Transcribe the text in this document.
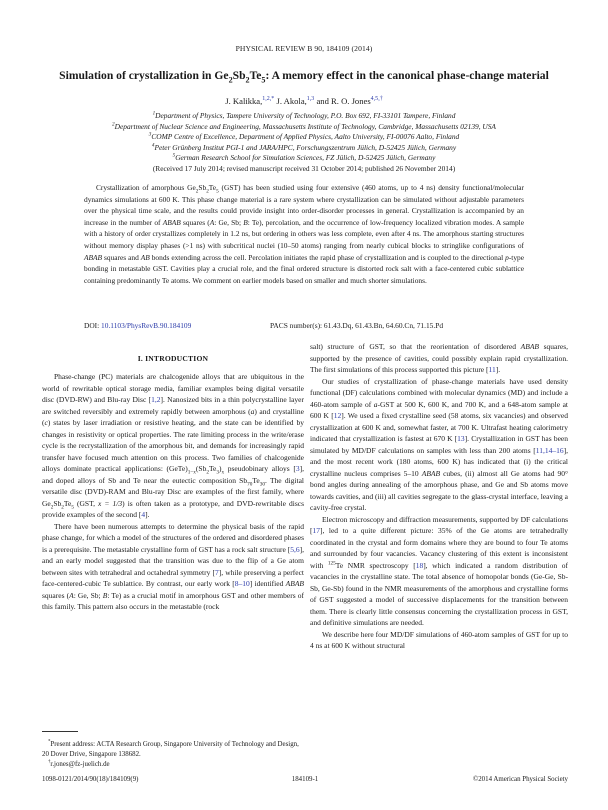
PHYSICAL REVIEW B 90, 184109 (2014)
Simulation of crystallization in $Ge_2Sb_2Te_5$: A memory effect in the canonical phase-change material
J. Kalikka,$^{1,2,*}$ J. Akola,$^{1,3}$ and R. O. Jones$^{4,5,\dagger}$
$^1$Department of Physics, Tampere University of Technology, P.O. Box 692, FI-33101 Tampere, Finland
$^2$Department of Nuclear Science and Engineering, Massachusetts Institute of Technology, Cambridge, Massachusetts 02139, USA
$^3$COMP Centre of Excellence, Department of Applied Physics, Aalto University, FI-00076 Aalto, Finland
$^4$Peter Grünberg Institut PGI-1 and JARA/HPC, Forschungszentrum Jülich, D-52425 Jülich, Germany
$^5$German Research School for Simulation Sciences, FZ Jülich, D-52425 Jülich, Germany
(Received 17 July 2014; revised manuscript received 31 October 2014; published 26 November 2014)
Crystallization of amorphous $Ge_2Sb_2Te_5$ (GST) has been studied using four extensive (460 atoms, up to 4 ns) density functional/molecular dynamics simulations at 600 K. This phase change material is a rare system where crystallization can be simulated without adjustable parameters over the physical time scale, and the results could provide insight into order-disorder processes in general. Crystallization is accompanied by an increase in the number of ABAB squares (A: Ge, Sb; B: Te), percolation, and the occurrence of low-frequency localized vibration modes. A sample with a history of order crystallizes completely in 1.2 ns, but ordering in others was less complete, even after 4 ns. The amorphous starting structures without memory display phases (>1 ns) with subcritical nuclei (10–50 atoms) ranging from nearly cubical blocks to stringlike configurations of ABAB squares and AB bonds extending across the cell. Percolation initiates the rapid phase of crystallization and is coupled to the directional p-type bonding in metastable GST. Cavities play a crucial role, and the final ordered structure is distorted rock salt with a face-centered cubic sublattice containing predominantly Te atoms. We comment on earlier models based on smaller and much shorter simulations.
DOI: 10.1103/PhysRevB.90.184109	PACS number(s): 61.43.Dq, 61.43.Bn, 64.60.Cn, 71.15.Pd
I. INTRODUCTION

Phase-change (PC) materials are chalcogenide alloys that are ubiquitous in the world of rewritable optical storage media, familiar examples being digital versatile disc (DVD-RW) and Blu-ray Disc [1,2]. Nanosized bits in a thin polycrystalline layer are switched reversibly and extremely rapidly between amorphous (a) and crystalline (c) states by laser irradiation or resistive heating, and the state can be identified by changes in resistivity or optical properties. The rate limiting process in the write/erase cycle is the recrystallization of the amorphous bit, and demands for increasingly rapid transfer have focused much attention on this process. Two families of chalcogenide alloys dominate practical applications: $(GeTe)_{1-x}(Sb_2Te_3)_x$ pseudobinary alloys [3], and doped alloys of Sb and Te near the eutectic composition $Sb_{70}Te_{30}$. The digital versatile disc (DVD)-RAM and Blu-ray Disc are examples of the first family, where $Ge_2Sb_2Te_5$ (GST, x = 1/3) is often taken as a prototype, and DVD-rewritable discs provide examples of the second [4].

There have been numerous attempts to determine the physical basis of the rapid phase change, for which a model of the structures of the ordered and disordered phases is a prerequisite. The metastable crystalline form of GST has a rock salt structure [5,6], and an early model suggested that the transition was due to the flip of a Ge atom between sites with tetrahedral and octahedral symmetry [7], while preserving a perfect face-centered-cubic Te sublattice. By contrast, our early work [8–10] identified ABAB squares (A: Ge, Sb; B: Te) as a crucial motif in amorphous GST and other members of this family. This pattern also occurs in the metastable (rock

salt) structure of GST, so that the reorientation of disordered ABAB squares, supported by the presence of cavities, could possibly explain rapid crystallization. The first simulations of this process supported this picture [11].

Our studies of crystallization of phase-change materials have used density functional (DF) calculations combined with molecular dynamics (MD) and include a 460-atom sample of a-GST at 500 K, 600 K, and 700 K, and a 648-atom sample at 600 K [12]. We used a fixed crystalline seed (58 atoms, six vacancies) and observed crystallization at 600 K and, somewhat faster, at 700 K. Ultrafast heating calorimetry indicated that crystallization is fastest at 670 K [13]. Crystallization in GST has been simulated by MD/DF calculations on samples with less than 200 atoms [11,14–16], and the most recent work (180 atoms, 600 K) has indicated that (i) the critical crystalline nucleus comprises 5–10 ABAB cubes, (ii) almost all Ge atoms had 90° bond angles during annealing of the amorphous phase, and Ge and Sb atoms move towards cavities, and (iii) all cavities segregate to the glass-crystal interface, leaving a cavity-free crystal.

Electron microscopy and diffraction measurements, supported by DF calculations [17], led to a quite different picture: 35% of the Ge atoms are tetrahedrally coordinated in the crystal and form domains where they are bound to four Te atoms and surrounded by four vacancies. Vacancy clustering of this extent is inconsistent with $^{125}$Te NMR spectroscopy [18], which indicated a random distribution of vacancies in the crystalline state. The total absence of homopolar bonds (Ge-Ge, Sb-Sb, Ge-Sb) found in the NMR measurements of the amorphous and crystalline forms of GST suggested a model of successive displacements for the transition between them. There is clearly little consensus concerning the crystallization process in GST, and definitive simulations are needed.

We describe here four MD/DF simulations of 460-atom samples of GST for up to 4 ns at 600 K without structural

*Present address: ACTA Research Group, Singapore University of Technology and Design, 20 Dover Drive, Singapore 138682.
†r.jones@fz-juelich.de
1098-0121/2014/90(18)/184109(9)	184109-1	©2014 American Physical Society
